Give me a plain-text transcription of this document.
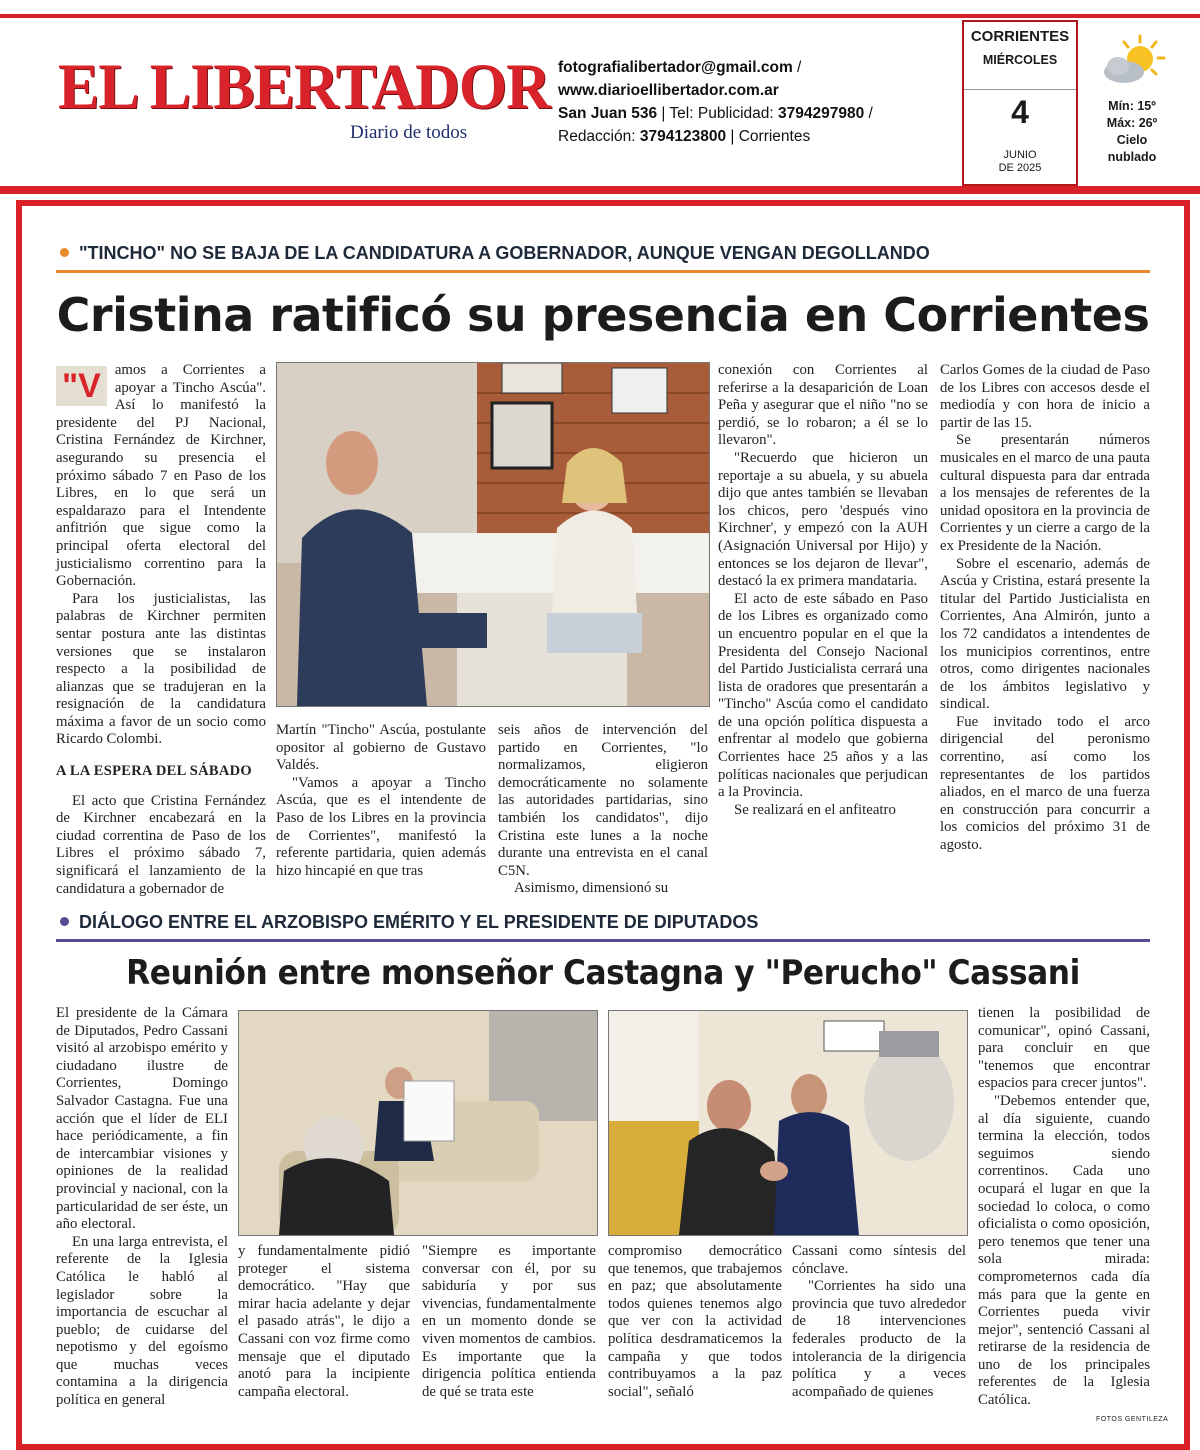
EL LIBERTADOR
Diario de todos
fotografialibertador@gmail.com /
www.diarioellibertador.com.ar
San Juan 536 | Tel: Publicidad: 3794297980 /
Redacción: 3794123800 | Corrientes
CORRIENTES
MIÉRCOLES
4
JUNIO
DE 2025
Mín: 15º
Máx: 26º
Cielo
nublado
"TINCHO" NO SE BAJA DE LA CANDIDATURA A GOBERNADOR, AUNQUE VENGAN DEGOLLANDO
Cristina ratificó su presencia en Corrientes
"V amos a Corrientes a apoyar a Tincho Ascúa". Así lo manifestó la presidente del PJ Nacional, Cristina Fernández de Kirchner, asegurando su presencia el próximo sábado 7 en Paso de los Libres, en lo que será un espaldarazo para el Intendente anfitrión que sigue como la principal oferta electoral del justicialismo correntino para la Gobernación.

Para los justicialistas, las palabras de Kirchner permiten sentar postura ante las distintas versiones que se instalaron respecto a la posibilidad de alianzas que se tradujeran en la resignación de la candidatura máxima a favor de un socio como Ricardo Colombi.

A LA ESPERA DEL SÁBADO

El acto que Cristina Fernández de Kirchner encabezará en la ciudad correntina de Paso de los Libres el próximo sábado 7, significará el lanzamiento de la candidatura a gobernador de

Martín "Tincho" Ascúa, postulante opositor al gobierno de Gustavo Valdés.

"Vamos a apoyar a Tincho Ascúa, que es el intendente de Paso de los Libres en la provincia de Corrientes", manifestó la referente partidaria, quien además hizo hincapié en que tras

seis años de intervención del partido en Corrientes, "lo normalizamos, eligieron democráticamente no solamente las autoridades partidarias, sino también los candidatos", dijo Cristina este lunes a la noche durante una entrevista en el canal C5N.

Asimismo, dimensionó su

conexión con Corrientes al referirse a la desaparición de Loan Peña y asegurar que el niño "no se perdió, se lo robaron; a él se lo llevaron".

"Recuerdo que hicieron un reportaje a su abuela, y su abuela dijo que antes también se llevaban los chicos, pero 'después vino Kirchner', y empezó con la AUH (Asignación Universal por Hijo) y entonces se los dejaron de llevar", destacó la ex primera mandataria.

El acto de este sábado en Paso de los Libres es organizado como un encuentro popular en el que la Presidenta del Consejo Nacional del Partido Justicialista cerrará una lista de oradores que presentarán a "Tincho" Ascúa como el candidato de una opción política dispuesta a enfrentar al modelo que gobierna Corrientes hace 25 años y a las políticas nacionales que perjudican a la Provincia.

Se realizará en el anfiteatro

Carlos Gomes de la ciudad de Paso de los Libres con accesos desde el mediodía y con hora de inicio a partir de las 15.

Se presentarán números musicales en el marco de una pauta cultural dispuesta para dar entrada a los mensajes de referentes de la unidad opositora en la provincia de Corrientes y un cierre a cargo de la ex Presidente de la Nación.

Sobre el escenario, además de Ascúa y Cristina, estará presente la titular del Partido Justicialista en Corrientes, Ana Almirón, junto a los 72 candidatos a intendentes de los municipios correntinos, entre otros, como dirigentes nacionales de los ámbitos legislativo y sindical.

Fue invitado todo el arco dirigencial del peronismo correntino, así como los representantes de los partidos aliados, en el marco de una fuerza en construcción para concurrir a los comicios del próximo 31 de agosto.

DIÁLOGO ENTRE EL ARZOBISPO EMÉRITO Y EL PRESIDENTE DE DIPUTADOS
Reunión entre monseñor Castagna y "Perucho" Cassani

El presidente de la Cámara de Diputados, Pedro Cassani visitó al arzobispo emérito y ciudadano ilustre de Corrientes, Domingo Salvador Castagna. Fue una acción que el líder de ELI hace periódicamente, a fin de intercambiar visiones y opiniones de la realidad provincial y nacional, con la particularidad de ser éste, un año electoral.

En una larga entrevista, el referente de la Iglesia Católica le habló al legislador sobre la importancia de escuchar al pueblo; de cuidarse del nepotismo y del egoísmo que muchas veces contamina a la dirigencia política en general

tienen la posibilidad de comunicar", opinó Cassani, para concluir en que "tenemos que encontrar espacios para crecer juntos".

"Debemos entender que, al día siguiente, cuando termina la elección, todos seguimos siendo correntinos. Cada uno ocupará el lugar en que la sociedad lo coloca, o como oficialista o como oposición, pero tenemos que tener una sola mirada: comprometernos cada día más para que la gente en Corrientes pueda vivir mejor", sentenció Cassani al retirarse de la residencia de uno de los principales referentes de la Iglesia Católica.

y fundamentalmente pidió proteger el sistema democrático. "Hay que mirar hacia adelante y dejar el pasado atrás", le dijo a Cassani con voz firme como mensaje que el diputado anotó para la incipiente campaña electoral.

"Siempre es importante conversar con él, por su sabiduría y por sus vivencias, fundamentalmente en un momento donde se viven momentos de cambios. Es importante que la dirigencia política entienda de qué se trata este

compromiso democrático que tenemos, que trabajemos en paz; que absolutamente todos quienes tenemos algo que ver con la actividad política desdramaticemos la campaña y que todos contribuyamos a la paz social", señaló

Cassani como síntesis del cónclave.

"Corrientes ha sido una provincia que tuvo alrededor de 18 intervenciones federales producto de la intolerancia de la dirigencia política y a veces acompañado de quienes

FOTOS GENTILEZA
